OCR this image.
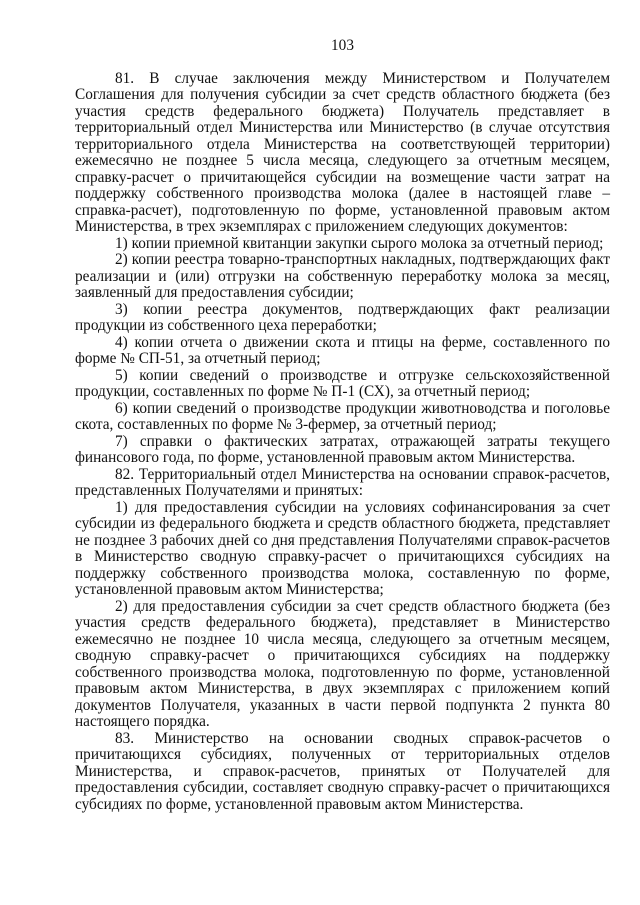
103

81. В случае заключения между Министерством и Получателем Соглашения для получения субсидии за счет средств областного бюджета (без участия средств федерального бюджета) Получатель представляет в территориальный отдел Министерства или Министерство (в случае отсутствия территориального отдела Министерства на соответствующей территории) ежемесячно не позднее 5 числа месяца, следующего за отчетным месяцем, справку-расчет о причитающейся субсидии на возмещение части затрат на поддержку собственного производства молока (далее в настоящей главе – справка-расчет), подготовленную по форме, установленной правовым актом Министерства, в трех экземплярах с приложением следующих документов:

1) копии приемной квитанции закупки сырого молока за отчетный период;

2) копии реестра товарно-транспортных накладных, подтверждающих факт реализации и (или) отгрузки на собственную переработку молока за месяц, заявленный для предоставления субсидии;

3) копии реестра документов, подтверждающих факт реализации продукции из собственного цеха переработки;

4) копии отчета о движении скота и птицы на ферме, составленного по форме № СП-51, за отчетный период;

5) копии сведений о производстве и отгрузке сельскохозяйственной продукции, составленных по форме № П-1 (СХ), за отчетный период;

6) копии сведений о производстве продукции животноводства и поголовье скота, составленных по форме № 3-фермер, за отчетный период;

7) справки о фактических затратах, отражающей затраты текущего финансового года, по форме, установленной правовым актом Министерства.

82. Территориальный отдел Министерства на основании справок-расчетов, представленных Получателями и принятых:

1) для предоставления субсидии на условиях софинансирования за счет субсидии из федерального бюджета и средств областного бюджета, представляет не позднее 3 рабочих дней со дня представления Получателями справок-расчетов в Министерство сводную справку-расчет о причитающихся субсидиях на поддержку собственного производства молока, составленную по форме, установленной правовым актом Министерства;

2) для предоставления субсидии за счет средств областного бюджета (без участия средств федерального бюджета), представляет в Министерство ежемесячно не позднее 10 числа месяца, следующего за отчетным месяцем, сводную справку-расчет о причитающихся субсидиях на поддержку собственного производства молока, подготовленную по форме, установленной правовым актом Министерства, в двух экземплярах с приложением копий документов Получателя, указанных в части первой подпункта 2 пункта 80 настоящего порядка.

83. Министерство на основании сводных справок-расчетов о причитающихся субсидиях, полученных от территориальных отделов Министерства, и справок-расчетов, принятых от Получателей для предоставления субсидии, составляет сводную справку-расчет о причитающихся субсидиях по форме, установленной правовым актом Министерства.
